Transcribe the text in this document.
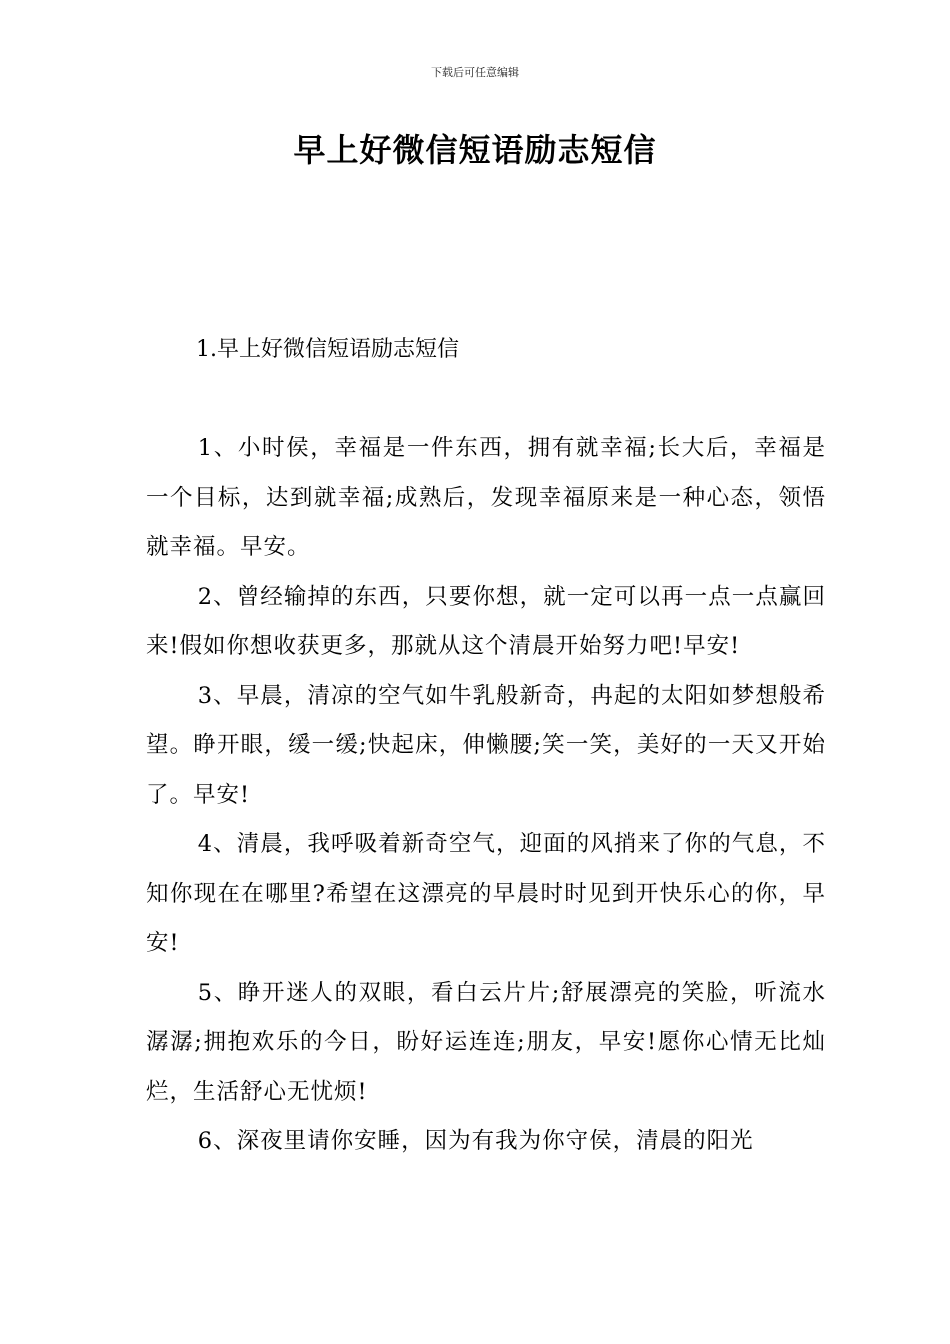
下载后可任意编辑
早上好微信短语励志短信
1.早上好微信短语励志短信

1、小时侯，幸福是一件东西，拥有就幸福;长大后，幸福是一个目标，达到就幸福;成熟后，发现幸福原来是一种心态，领悟就幸福。早安。

2、曾经输掉的东西，只要你想，就一定可以再一点一点赢回来!假如你想收获更多，那就从这个清晨开始努力吧!早安!

3、早晨，清凉的空气如牛乳般新奇，冉起的太阳如梦想般希望。睁开眼，缓一缓;快起床，伸懒腰;笑一笑，美好的一天又开始了。早安!

4、清晨，我呼吸着新奇空气，迎面的风捎来了你的气息，不知你现在在哪里?希望在这漂亮的早晨时时见到开快乐心的你，早安!

5、睁开迷人的双眼，看白云片片;舒展漂亮的笑脸，听流水潺潺;拥抱欢乐的今日，盼好运连连;朋友，早安!愿你心情无比灿烂，生活舒心无忧烦!

6、深夜里请你安睡，因为有我为你守侯，清晨的阳光
